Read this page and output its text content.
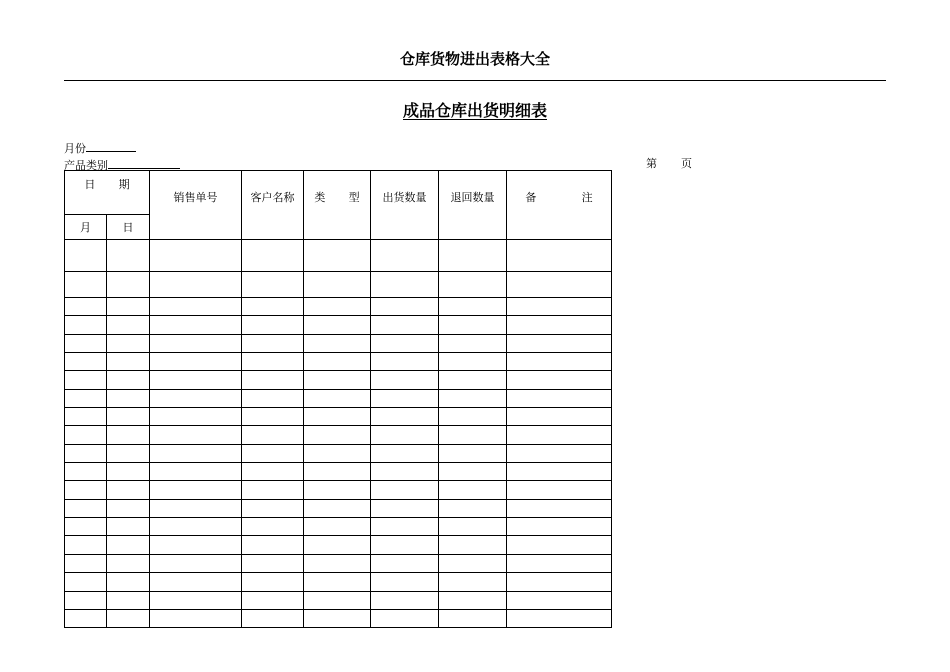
仓库货物进出表格大全
成品仓库出货明细表
月份
产品类别	第 页
日 期		销售单号	客户名称	类 型	出货数量	退回数量	备 注
月	日						
